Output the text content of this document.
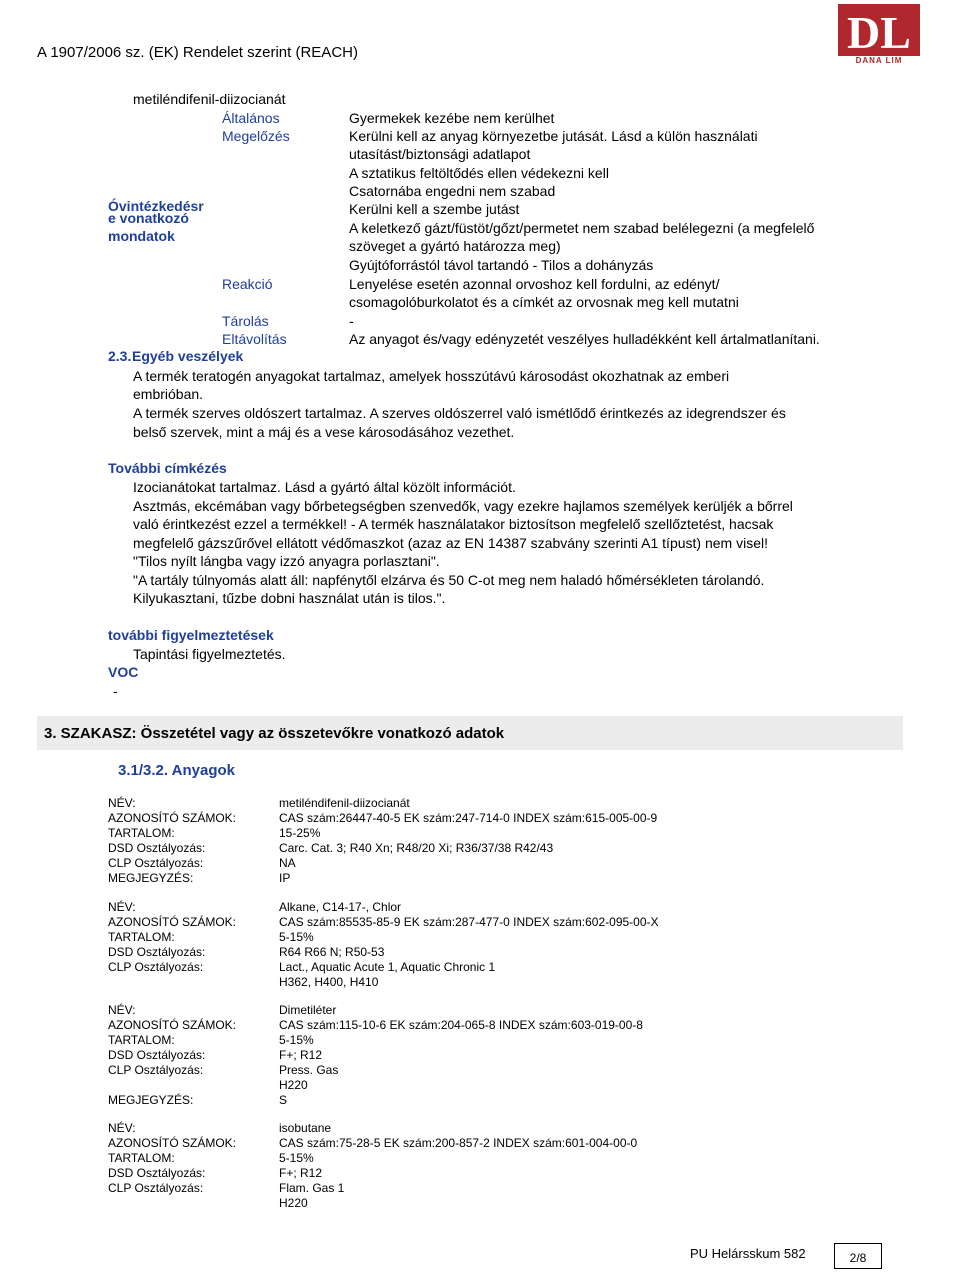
A 1907/2006 sz. (EK) Rendelet szerint (REACH)	DL
DANA LIM
metiléndifenil-diizocianát
Óvintézkedésr
e vonatkozó
mondatok
Általános	Gyermekek kezébe nem kerülhet
Megelőzés	Kerülni kell az anyag környezetbe jutását. Lásd a külön használati
utasítást/biztonsági adatlapot
A sztatikus feltöltődés ellen védekezni kell
Csatornába engedni nem szabad
Kerülni kell a szembe jutást
A keletkező gázt/füstöt/gőzt/permetet nem szabad belélegezni (a megfelelő
szöveget a gyártó határozza meg)
Gyújtóforrástól távol tartandó - Tilos a dohányzás
Reakció	Lenyelése esetén azonnal orvoshoz kell fordulni, az edényt/
csomagolóburkolatot és a címkét az orvosnak meg kell mutatni
Tárolás	-
Eltávolítás	Az anyagot és/vagy edényzetét veszélyes hulladékként kell ártalmatlanítani.
2.3. Egyéb veszélyek
A termék teratogén anyagokat tartalmaz, amelyek hosszútávú károsodást okozhatnak az emberi
embrióban.
A termék szerves oldószert tartalmaz. A szerves oldószerrel való ismétlődő érintkezés az idegrendszer és
belső szervek, mint a máj és a vese károsodásához vezethet.
További címkézés
Izocianátokat tartalmaz. Lásd a gyártó által közölt információt.
Asztmás, ekcémában vagy bőrbetegségben szenvedők, vagy ezekre hajlamos személyek kerüljék a bőrrel
való érintkezést ezzel a termékkel! - A termék használatakor biztosítson megfelelő szellőztetést, hacsak
megfelelő gázszűrővel ellátott védőmaszkot (azaz az EN 14387 szabvány szerinti A1 típust) nem visel!
"Tilos nyílt lángba vagy izzó anyagra porlasztani".
"A tartály túlnyomás alatt áll: napfénytől elzárva és 50 C-ot meg nem haladó hőmérsékleten tárolandó.
Kilyukasztani, tűzbe dobni használat után is tilos.".
további figyelmeztetések
Tapintási figyelmeztetés.
VOC
-
3. SZAKASZ: Összetétel vagy az összetevőkre vonatkozó adatok
3.1/3.2. Anyagok
NÉV:	metiléndifenil-diizocianát
AZONOSÍTÓ SZÁMOK:	CAS szám:26447-40-5 EK szám:247-714-0 INDEX szám:615-005-00-9
TARTALOM:	15-25%
DSD Osztályozás:	Carc. Cat. 3; R40 Xn; R48/20 Xi; R36/37/38 R42/43
CLP Osztályozás:	NA
MEGJEGYZÉS:	IP
NÉV:	Alkane, C14-17-, Chlor
AZONOSÍTÓ SZÁMOK:	CAS szám:85535-85-9 EK szám:287-477-0 INDEX szám:602-095-00-X
TARTALOM:	5-15%
DSD Osztályozás:	R64 R66 N; R50-53
CLP Osztályozás:	Lact., Aquatic Acute 1, Aquatic Chronic 1
H362, H400, H410
NÉV:	Dimetiléter
AZONOSÍTÓ SZÁMOK:	CAS szám:115-10-6 EK szám:204-065-8 INDEX szám:603-019-00-8
TARTALOM:	5-15%
DSD Osztályozás:	F+; R12
CLP Osztályozás:	Press. Gas
H220
MEGJEGYZÉS:	S
NÉV:	isobutane
AZONOSÍTÓ SZÁMOK:	CAS szám:75-28-5 EK szám:200-857-2 INDEX szám:601-004-00-0
TARTALOM:	5-15%
DSD Osztályozás:	F+; R12
CLP Osztályozás:	Flam. Gas 1
H220
PU Helársskum 582	2/8
